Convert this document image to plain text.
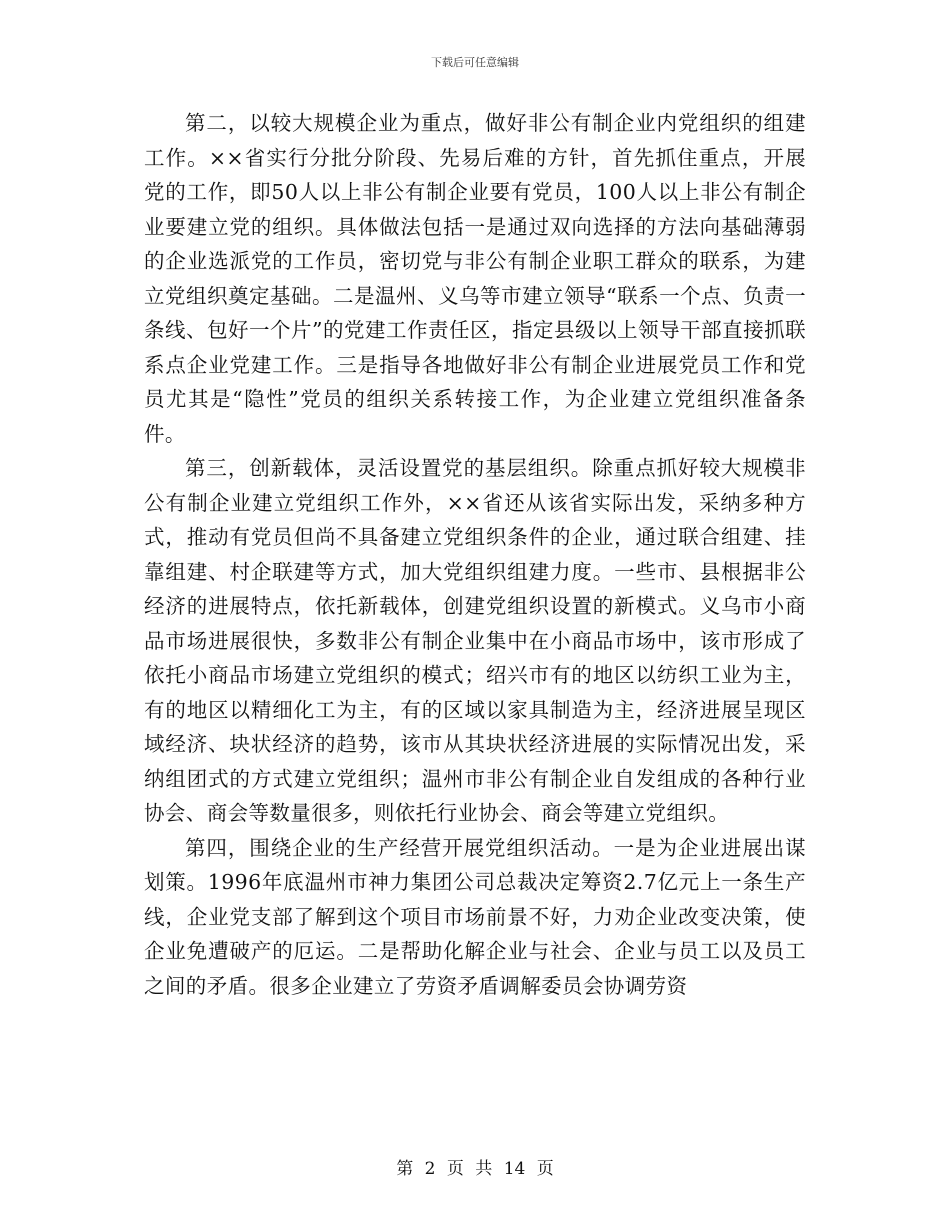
下载后可任意编辑

第二，以较大规模企业为重点，做好非公有制企业内党组织的组建工作。××省实行分批分阶段、先易后难的方针，首先抓住重点，开展党的工作，即50人以上非公有制企业要有党员，100人以上非公有制企业要建立党的组织。具体做法包括一是通过双向选择的方法向基础薄弱的企业选派党的工作员，密切党与非公有制企业职工群众的联系，为建立党组织奠定基础。二是温州、义乌等市建立领导“联系一个点、负责一条线、包好一个片”的党建工作责任区，指定县级以上领导干部直接抓联系点企业党建工作。三是指导各地做好非公有制企业进展党员工作和党员尤其是“隐性”党员的组织关系转接工作，为企业建立党组织准备条件。

第三，创新载体，灵活设置党的基层组织。除重点抓好较大规模非公有制企业建立党组织工作外，××省还从该省实际出发，采纳多种方式，推动有党员但尚不具备建立党组织条件的企业，通过联合组建、挂靠组建、村企联建等方式，加大党组织组建力度。一些市、县根据非公经济的进展特点，依托新载体，创建党组织设置的新模式。义乌市小商品市场进展很快，多数非公有制企业集中在小商品市场中，该市形成了依托小商品市场建立党组织的模式；绍兴市有的地区以纺织工业为主，有的地区以精细化工为主，有的区域以家具制造为主，经济进展呈现区域经济、块状经济的趋势，该市从其块状经济进展的实际情况出发，采纳组团式的方式建立党组织；温州市非公有制企业自发组成的各种行业协会、商会等数量很多，则依托行业协会、商会等建立党组织。

第四，围绕企业的生产经营开展党组织活动。一是为企业进展出谋划策。1996年底温州市神力集团公司总裁决定筹资2.7亿元上一条生产线，企业党支部了解到这个项目市场前景不好，力劝企业改变决策，使企业免遭破产的厄运。二是帮助化解企业与社会、企业与员工以及员工之间的矛盾。很多企业建立了劳资矛盾调解委员会协调劳资

第 2 页 共 14 页
